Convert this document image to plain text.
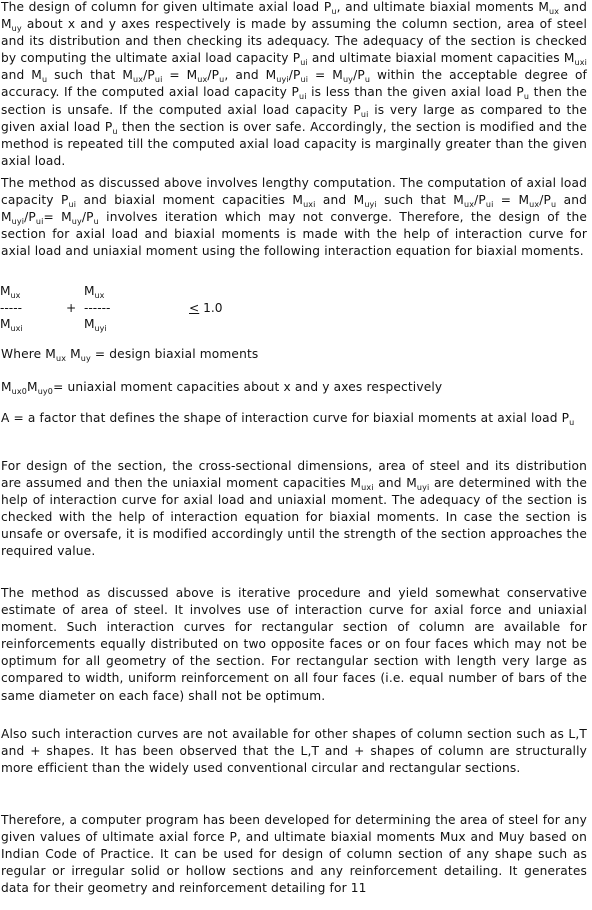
The design of column for given ultimate axial load $P_u$, and ultimate biaxial moments $M_{ux}$ and $M_{uy}$ about x and y axes respectively is made by assuming the column section, area of steel and its distribution and then checking its adequacy. The adequacy of the section is checked by computing the ultimate axial load capacity $P_{ui}$ and ultimate biaxial moment capacities $M_{uxi}$ and $M_u$ such that $M_{ux}/P_{ui} = M_{ux}/P_u$, and $M_{uyi}/P_{ui} = M_{uy}/P_u$ within the acceptable degree of accuracy. If the computed axial load capacity $P_{ui}$ is less than the given axial load $P_u$ then the section is unsafe. If the computed axial load capacity $P_{ui}$ is very large as compared to the given axial load $P_u$ then the section is over safe. Accordingly, the section is modified and the method is repeated till the computed axial load capacity is marginally greater than the given axial load.

The method as discussed above involves lengthy computation. The computation of axial load capacity $P_{ui}$ and biaxial moment capacities $M_{uxi}$ and $M_{uyi}$ such that $M_{ux}/P_{ui} = M_{ux}/P_u$ and $M_{uyi}/P_{ui}= M_{uy}/P_u$ involves iteration which may not converge. Therefore, the design of the section for axial load and biaxial moments is made with the help of interaction curve for axial load and uniaxial moment using the following interaction equation for biaxial moments.

$M_{ux}$
-----
$M_{uxi}$
+
$M_{ux}$
------
$M_{uyi}$
< 1.0

Where $M_{ux}$ $M_{uy}$ = design biaxial moments

$M_{ux0}M_{uy0}=$ uniaxial moment capacities about x and y axes respectively

A = a factor that defines the shape of interaction curve for biaxial moments at axial load $P_u$

For design of the section, the cross-sectional dimensions, area of steel and its distribution are assumed and then the uniaxial moment capacities $M_{uxi}$ and $M_{uyi}$ are determined with the help of interaction curve for axial load and uniaxial moment. The adequacy of the section is checked with the help of interaction equation for biaxial moments. In case the section is unsafe or oversafe, it is modified accordingly until the strength of the section approaches the required value.

The method as discussed above is iterative procedure and yield somewhat conservative estimate of area of steel. It involves use of interaction curve for axial force and uniaxial moment. Such interaction curves for rectangular section of column are available for reinforcements equally distributed on two opposite faces or on four faces which may not be optimum for all geometry of the section. For rectangular section with length very large as compared to width, uniform reinforcement on all four faces (i.e. equal number of bars of the same diameter on each face) shall not be optimum.

Also such interaction curves are not available for other shapes of column section such as L,T and + shapes. It has been observed that the L,T and + shapes of column are structurally more efficient than the widely used conventional circular and rectangular sections.

Therefore, a computer program has been developed for determining the area of steel for any given values of ultimate axial force P, and ultimate biaxial moments Mux and Muy based on Indian Code of Practice. It can be used for design of column section of any shape such as regular or irregular solid or hollow sections and any reinforcement detailing. It generates data for their geometry and reinforcement detailing for 11
